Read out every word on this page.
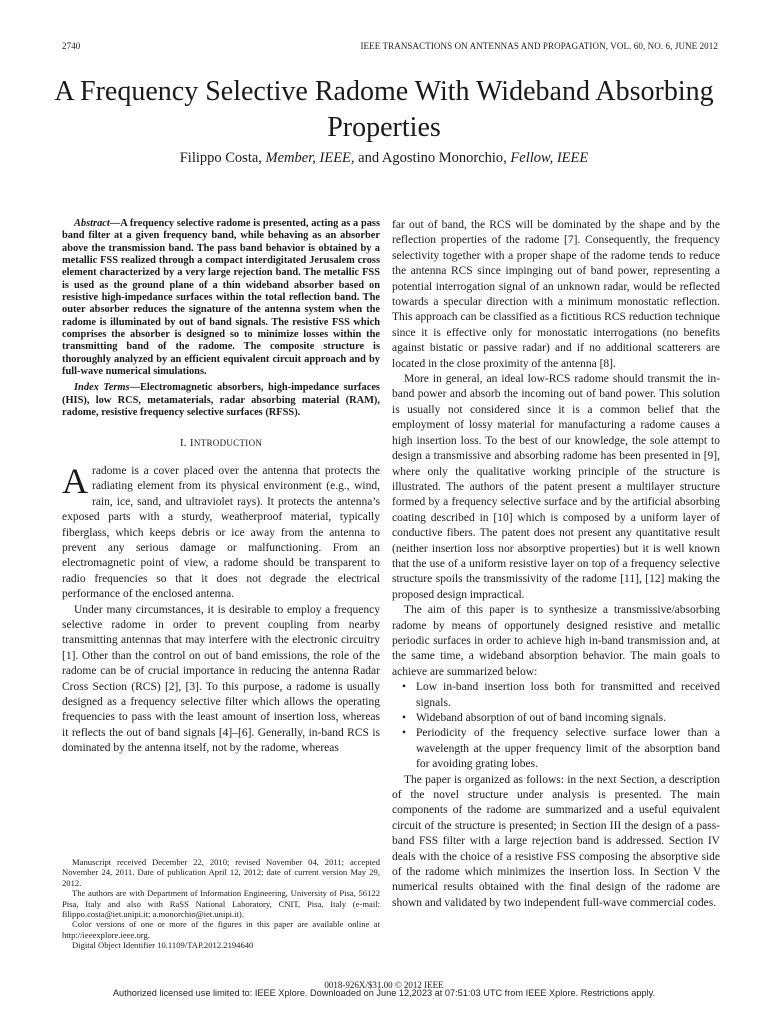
2740	IEEE TRANSACTIONS ON ANTENNAS AND PROPAGATION, VOL. 60, NO. 6, JUNE 2012
A Frequency Selective Radome With Wideband Absorbing Properties
Filippo Costa, Member, IEEE, and Agostino Monorchio, Fellow, IEEE

Abstract—A frequency selective radome is presented, acting as a pass band filter at a given frequency band, while behaving as an absorber above the transmission band. The pass band behavior is obtained by a metallic FSS realized through a compact interdigitated Jerusalem cross element characterized by a very large rejection band. The metallic FSS is used as the ground plane of a thin wideband absorber based on resistive high-impedance surfaces within the total reflection band. The outer absorber reduces the signature of the antenna system when the radome is illuminated by out of band signals. The resistive FSS which comprises the absorber is designed so to minimize losses within the transmitting band of the radome. The composite structure is thoroughly analyzed by an efficient equivalent circuit approach and by full-wave numerical simulations.

Index Terms—Electromagnetic absorbers, high-impedance surfaces (HIS), low RCS, metamaterials, radar absorbing material (RAM), radome, resistive frequency selective surfaces (RFSS).

I. INTRODUCTION

Aradome is a cover placed over the antenna that protects the radiating element from its physical environment (e.g., wind, rain, ice, sand, and ultraviolet rays). It protects the antenna’s exposed parts with a sturdy, weatherproof material, typically fiberglass, which keeps debris or ice away from the antenna to prevent any serious damage or malfunctioning. From an electromagnetic point of view, a radome should be transparent to radio frequencies so that it does not degrade the electrical performance of the enclosed antenna.

Under many circumstances, it is desirable to employ a frequency selective radome in order to prevent coupling from nearby transmitting antennas that may interfere with the electronic circuitry [1]. Other than the control on out of band emissions, the role of the radome can be of crucial importance in reducing the antenna Radar Cross Section (RCS) [2], [3]. To this purpose, a radome is usually designed as a frequency selective filter which allows the operating frequencies to pass with the least amount of insertion loss, whereas it reflects the out of band signals [4]–[6]. Generally, in-band RCS is dominated by the antenna itself, not by the radome, whereas

far out of band, the RCS will be dominated by the shape and by the reflection properties of the radome [7]. Consequently, the frequency selectivity together with a proper shape of the radome tends to reduce the antenna RCS since impinging out of band power, representing a potential interrogation signal of an unknown radar, would be reflected towards a specular direction with a minimum monostatic reflection. This approach can be classified as a fictitious RCS reduction technique since it is effective only for monostatic interrogations (no benefits against bistatic or passive radar) and if no additional scatterers are located in the close proximity of the antenna [8].

More in general, an ideal low-RCS radome should transmit the in-band power and absorb the incoming out of band power. This solution is usually not considered since it is a common belief that the employment of lossy material for manufacturing a radome causes a high insertion loss. To the best of our knowledge, the sole attempt to design a transmissive and absorbing radome has been presented in [9], where only the qualitative working principle of the structure is illustrated. The authors of the patent present a multilayer structure formed by a frequency selective surface and by the artificial absorbing coating described in [10] which is composed by a uniform layer of conductive fibers. The patent does not present any quantitative result (neither insertion loss nor absorptive properties) but it is well known that the use of a uniform resistive layer on top of a frequency selective structure spoils the transmissivity of the radome [11], [12] making the proposed design impractical.

The aim of this paper is to synthesize a transmissive/absorbing radome by means of opportunely designed resistive and metallic periodic surfaces in order to achieve high in-band transmission and, at the same time, a wideband absorption behavior. The main goals to achieve are summarized below:

• Low in-band insertion loss both for transmitted and received signals.
• Wideband absorption of out of band incoming signals.
• Periodicity of the frequency selective surface lower than a wavelength at the upper frequency limit of the absorption band for avoiding grating lobes.

The paper is organized as follows: in the next Section, a description of the novel structure under analysis is presented. The main components of the radome are summarized and a useful equivalent circuit of the structure is presented; in Section III the design of a pass-band FSS filter with a large rejection band is addressed. Section IV deals with the choice of a resistive FSS composing the absorptive side of the radome which minimizes the insertion loss. In Section V the numerical results obtained with the final design of the radome are shown and validated by two independent full-wave commercial codes.

Manuscript received December 22, 2010; revised November 04, 2011; accepted November 24, 2011. Date of publication April 12, 2012; date of current version May 29, 2012.

The authors are with Department of Information Engineering, University of Pisa, 56122 Pisa, Italy and also with RaSS National Laboratory, CNIT, Pisa, Italy (e-mail: filippo.costa@iet.unipi.it; a.monorchio@iet.unipi.it).

Color versions of one or more of the figures in this paper are available online at http://ieeexplore.ieee.org.

Digital Object Identifier 10.1109/TAP.2012.2194640

0018-926X/$31.00 © 2012 IEEE
Authorized licensed use limited to: IEEE Xplore. Downloaded on June 12,2023 at 07:51:03 UTC from IEEE Xplore. Restrictions apply.
